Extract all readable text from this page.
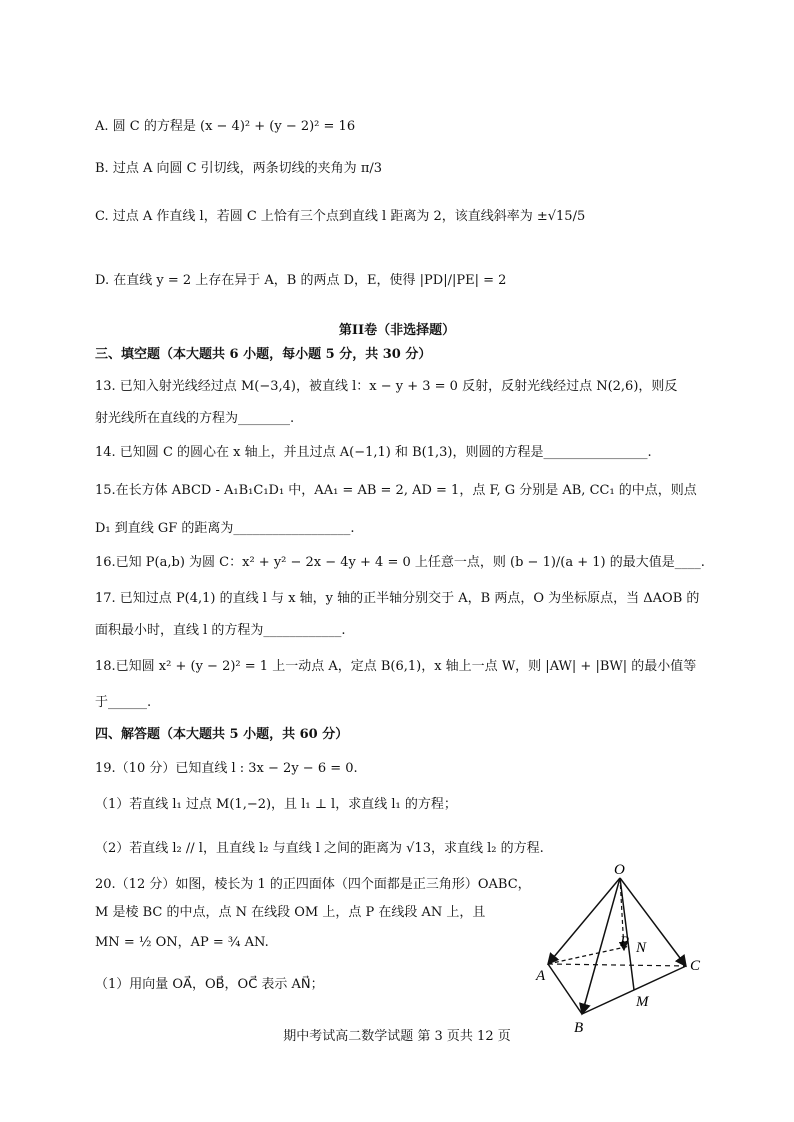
A. 圆 C 的方程是 (x − 4)² + (y − 2)² = 16
B. 过点 A 向圆 C 引切线，两条切线的夹角为 π/3
C. 过点 A 作直线 l，若圆 C 上恰有三个点到直线 l 距离为 2，该直线斜率为 ±√15/5
D. 在直线 y = 2 上存在异于 A，B 的两点 D，E，使得 |PD|/|PE| = 2
第II卷（非选择题）
三、填空题（本大题共 6 小题，每小题 5 分，共 30 分）
13. 已知入射光线经过点 M(−3,4)，被直线 l：x − y + 3 = 0 反射，反射光线经过点 N(2,6)，则反
射光线所在直线的方程为________.
14. 已知圆 C 的圆心在 x 轴上，并且过点 A(−1,1) 和 B(1,3)，则圆的方程是________________.
15.在长方体 ABCD - A₁B₁C₁D₁ 中，AA₁ = AB = 2, AD = 1，点 F, G 分别是 AB, CC₁ 的中点，则点
D₁ 到直线 GF 的距离为__________________.
16.已知 P(a,b) 为圆 C：x² + y² − 2x − 4y + 4 = 0 上任意一点，则 (b − 1)/(a + 1) 的最大值是____.
17. 已知过点 P(4,1) 的直线 l 与 x 轴，y 轴的正半轴分别交于 A，B 两点，O 为坐标原点，当 ΔAOB 的
面积最小时，直线 l 的方程为____________.
18.已知圆 x² + (y − 2)² = 1 上一动点 A，定点 B(6,1)，x 轴上一点 W，则 |AW| + |BW| 的最小值等
于______.
四、解答题（本大题共 5 小题，共 60 分）
19.（10 分）已知直线 l : 3x − 2y − 6 = 0.
（1）若直线 l₁ 过点 M(1,−2)，且 l₁ ⊥ l，求直线 l₁ 的方程；
（2）若直线 l₂ // l，且直线 l₂ 与直线 l 之间的距离为 √13，求直线 l₂ 的方程.
20.（12 分）如图，棱长为 1 的正四面体（四个面都是正三角形）OABC，
M 是棱 BC 的中点，点 N 在线段 OM 上，点 P 在线段 AN 上，且
MN = ½ ON，AP = ¾ AN.
（1）用向量 OA⃗，OB⃗，OC⃗ 表示 AN⃗；
O
A
B
C
M
N
P
期中考试高二数学试题 第 3 页共 12 页
